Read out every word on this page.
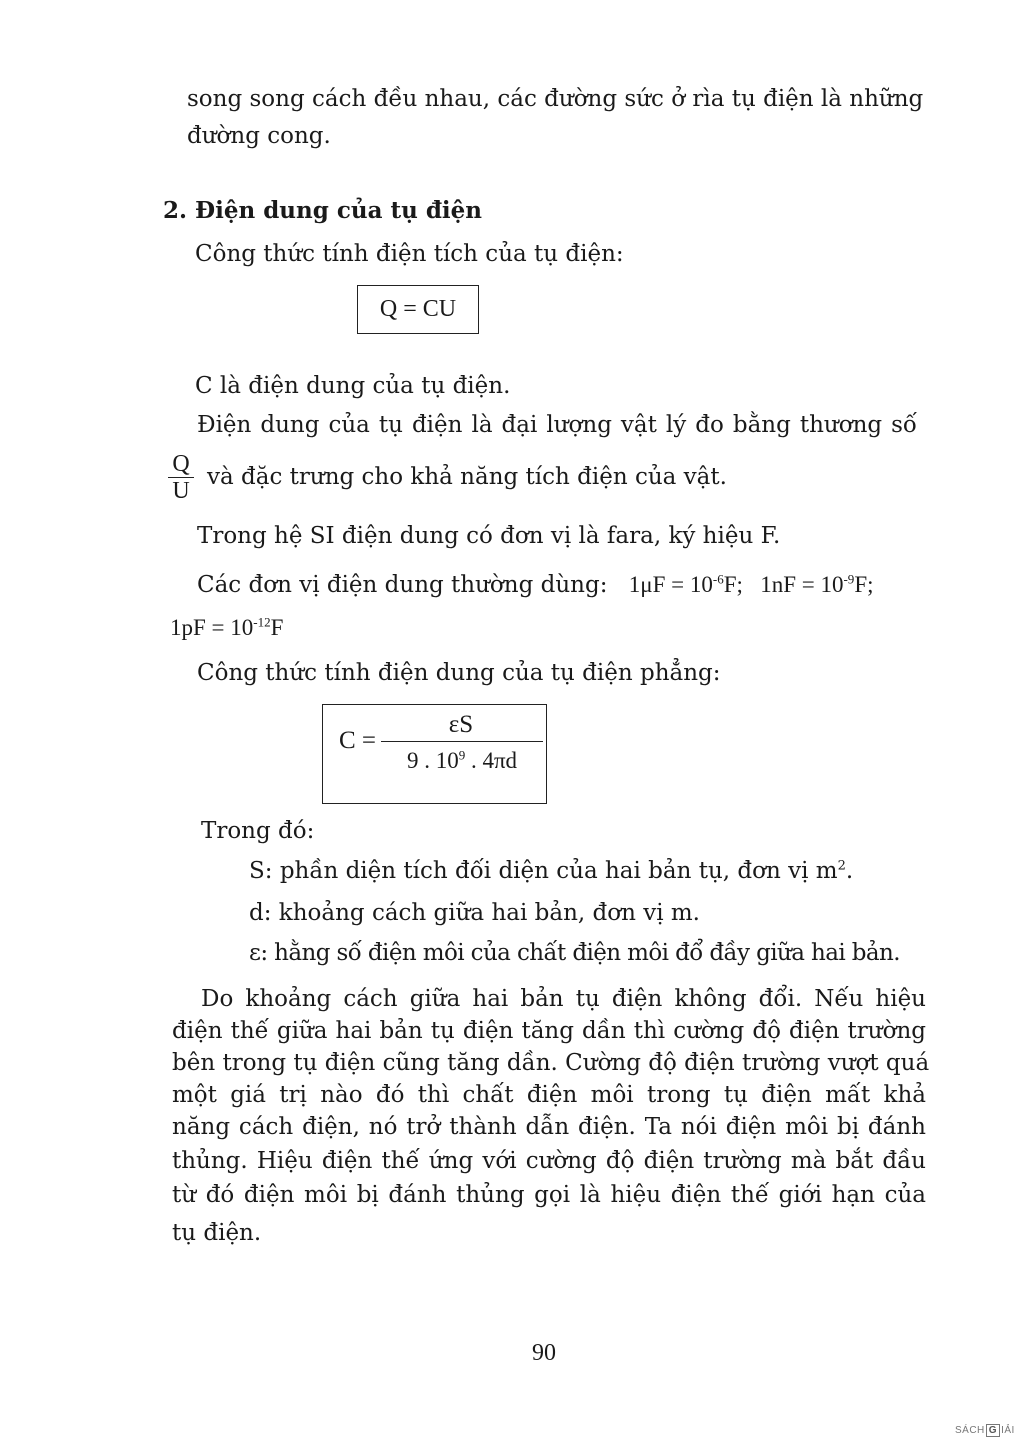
song song cách đều nhau, các đường sức ở rìa tụ điện là những
đường cong.
2. Điện dung của tụ điện
Công thức tính điện tích của tụ điện:
Q = CU
C là điện dung của tụ điện.
Điện dung của tụ điện là đại lượng vật lý đo bằng thương số
Q
U
và đặc trưng cho khả năng tích điện của vật.
Trong hệ SI điện dung có đơn vị là fara, ký hiệu F.
Các đơn vị điện dung thường dùng: $1\mu F = 10^{-6}F$; $1nF = 10^{-9}F$;
$1pF = 10^{-12}F$
Công thức tính điện dung của tụ điện phẳng:
C =
εS
9 . $10^9$ . 4πd
Trong đó:
S: phần diện tích đối diện của hai bản tụ, đơn vị $m^2$.
d: khoảng cách giữa hai bản, đơn vị m.
ε: hằng số điện môi của chất điện môi đổ đầy giữa hai bản.
Do khoảng cách giữa hai bản tụ điện không đổi. Nếu hiệu
điện thế giữa hai bản tụ điện tăng dần thì cường độ điện trường
bên trong tụ điện cũng tăng dần. Cường độ điện trường vượt quá
một giá trị nào đó thì chất điện môi trong tụ điện mất khả
năng cách điện, nó trở thành dẫn điện. Ta nói điện môi bị đánh
thủng. Hiệu điện thế ứng với cường độ điện trường mà bắt đầu
từ đó điện môi bị đánh thủng gọi là hiệu điện thế giới hạn của
tụ điện.
90
SÁCH G IẢI
